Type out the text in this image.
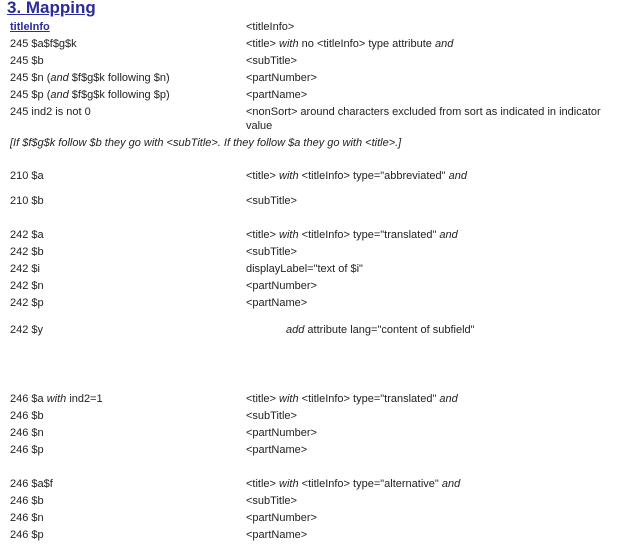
3. Mapping
titleInfo	<titleInfo>
245 $a$f$g$k	<title> with no <titleInfo> type attribute and
245 $b	<subTitle>
245 $n (and $f$g$k following $n)	<partNumber>
245 $p (and $f$g$k following $p)	<partName>
245 ind2 is not 0	<nonSort> around characters excluded from sort as indicated in indicator
value
[If $f$g$k follow $b they go with <subTitle>. If they follow $a they go with <title>.]
210 $a	<title> with <titleInfo> type="abbreviated" and
210 $b	<subTitle>
242 $a	<title> with <titleInfo> type="translated" and
242 $b	<subTitle>
242 $i	displayLabel="text of $i"
242 $n	<partNumber>
242 $p	<partName>
242 $y	add attribute lang="content of subfield"
246 $a with ind2=1	<title> with <titleInfo> type="translated" and
246 $b	<subTitle>
246 $n	<partNumber>
246 $p	<partName>
246 $a$f	<title> with <titleInfo> type="alternative" and
246 $b	<subTitle>
246 $n	<partNumber>
246 $p	<partName>
